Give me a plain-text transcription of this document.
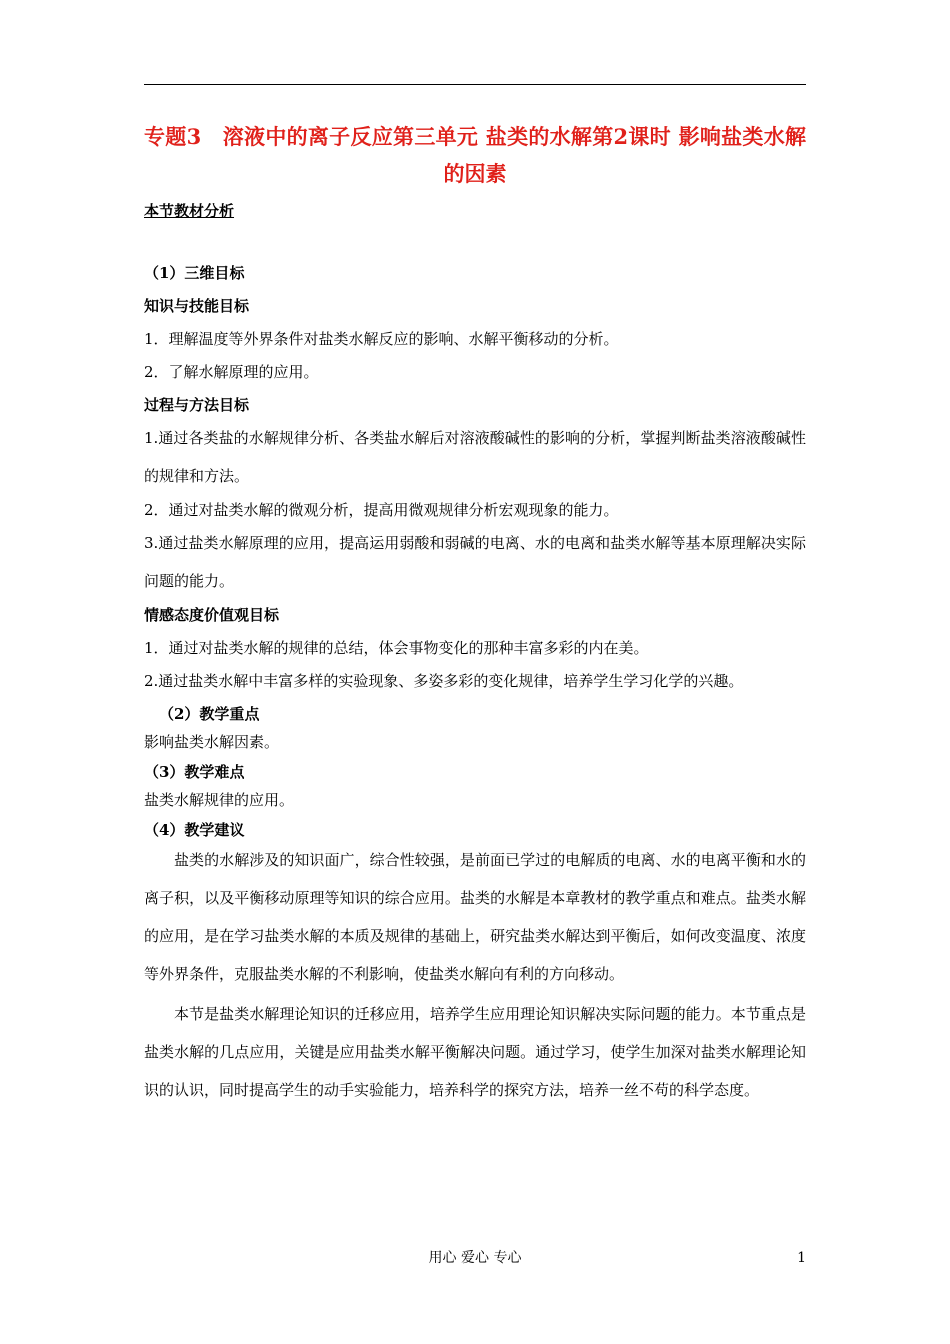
专题3　溶液中的离子反应第三单元 盐类的水解第2课时 影响盐类水解的因素
本节教材分析
（1）三维目标
知识与技能目标
1．理解温度等外界条件对盐类水解反应的影响、水解平衡移动的分析。
2．了解水解原理的应用。
过程与方法目标
1.通过各类盐的水解规律分析、各类盐水解后对溶液酸碱性的影响的分析，掌握判断盐类溶液酸碱性的规律和方法。
2．通过对盐类水解的微观分析，提高用微观规律分析宏观现象的能力。
3.通过盐类水解原理的应用，提高运用弱酸和弱碱的电离、水的电离和盐类水解等基本原理解决实际问题的能力。
情感态度价值观目标
1．通过对盐类水解的规律的总结，体会事物变化的那种丰富多彩的内在美。
2.通过盐类水解中丰富多样的实验现象、多姿多彩的变化规律，培养学生学习化学的兴趣。
（2）教学重点
影响盐类水解因素。
（3）教学难点
盐类水解规律的应用。
（4）教学建议
盐类的水解涉及的知识面广，综合性较强，是前面已学过的电解质的电离、水的电离平衡和水的离子积，以及平衡移动原理等知识的综合应用。盐类的水解是本章教材的教学重点和难点。盐类水解的应用，是在学习盐类水解的本质及规律的基础上，研究盐类水解达到平衡后，如何改变温度、浓度等外界条件，克服盐类水解的不利影响，使盐类水解向有利的方向移动。
本节是盐类水解理论知识的迁移应用，培养学生应用理论知识解决实际问题的能力。本节重点是盐类水解的几点应用，关键是应用盐类水解平衡解决问题。通过学习，使学生加深对盐类水解理论知识的认识，同时提高学生的动手实验能力，培养科学的探究方法，培养一丝不苟的科学态度。
用心 爱心 专心	1
